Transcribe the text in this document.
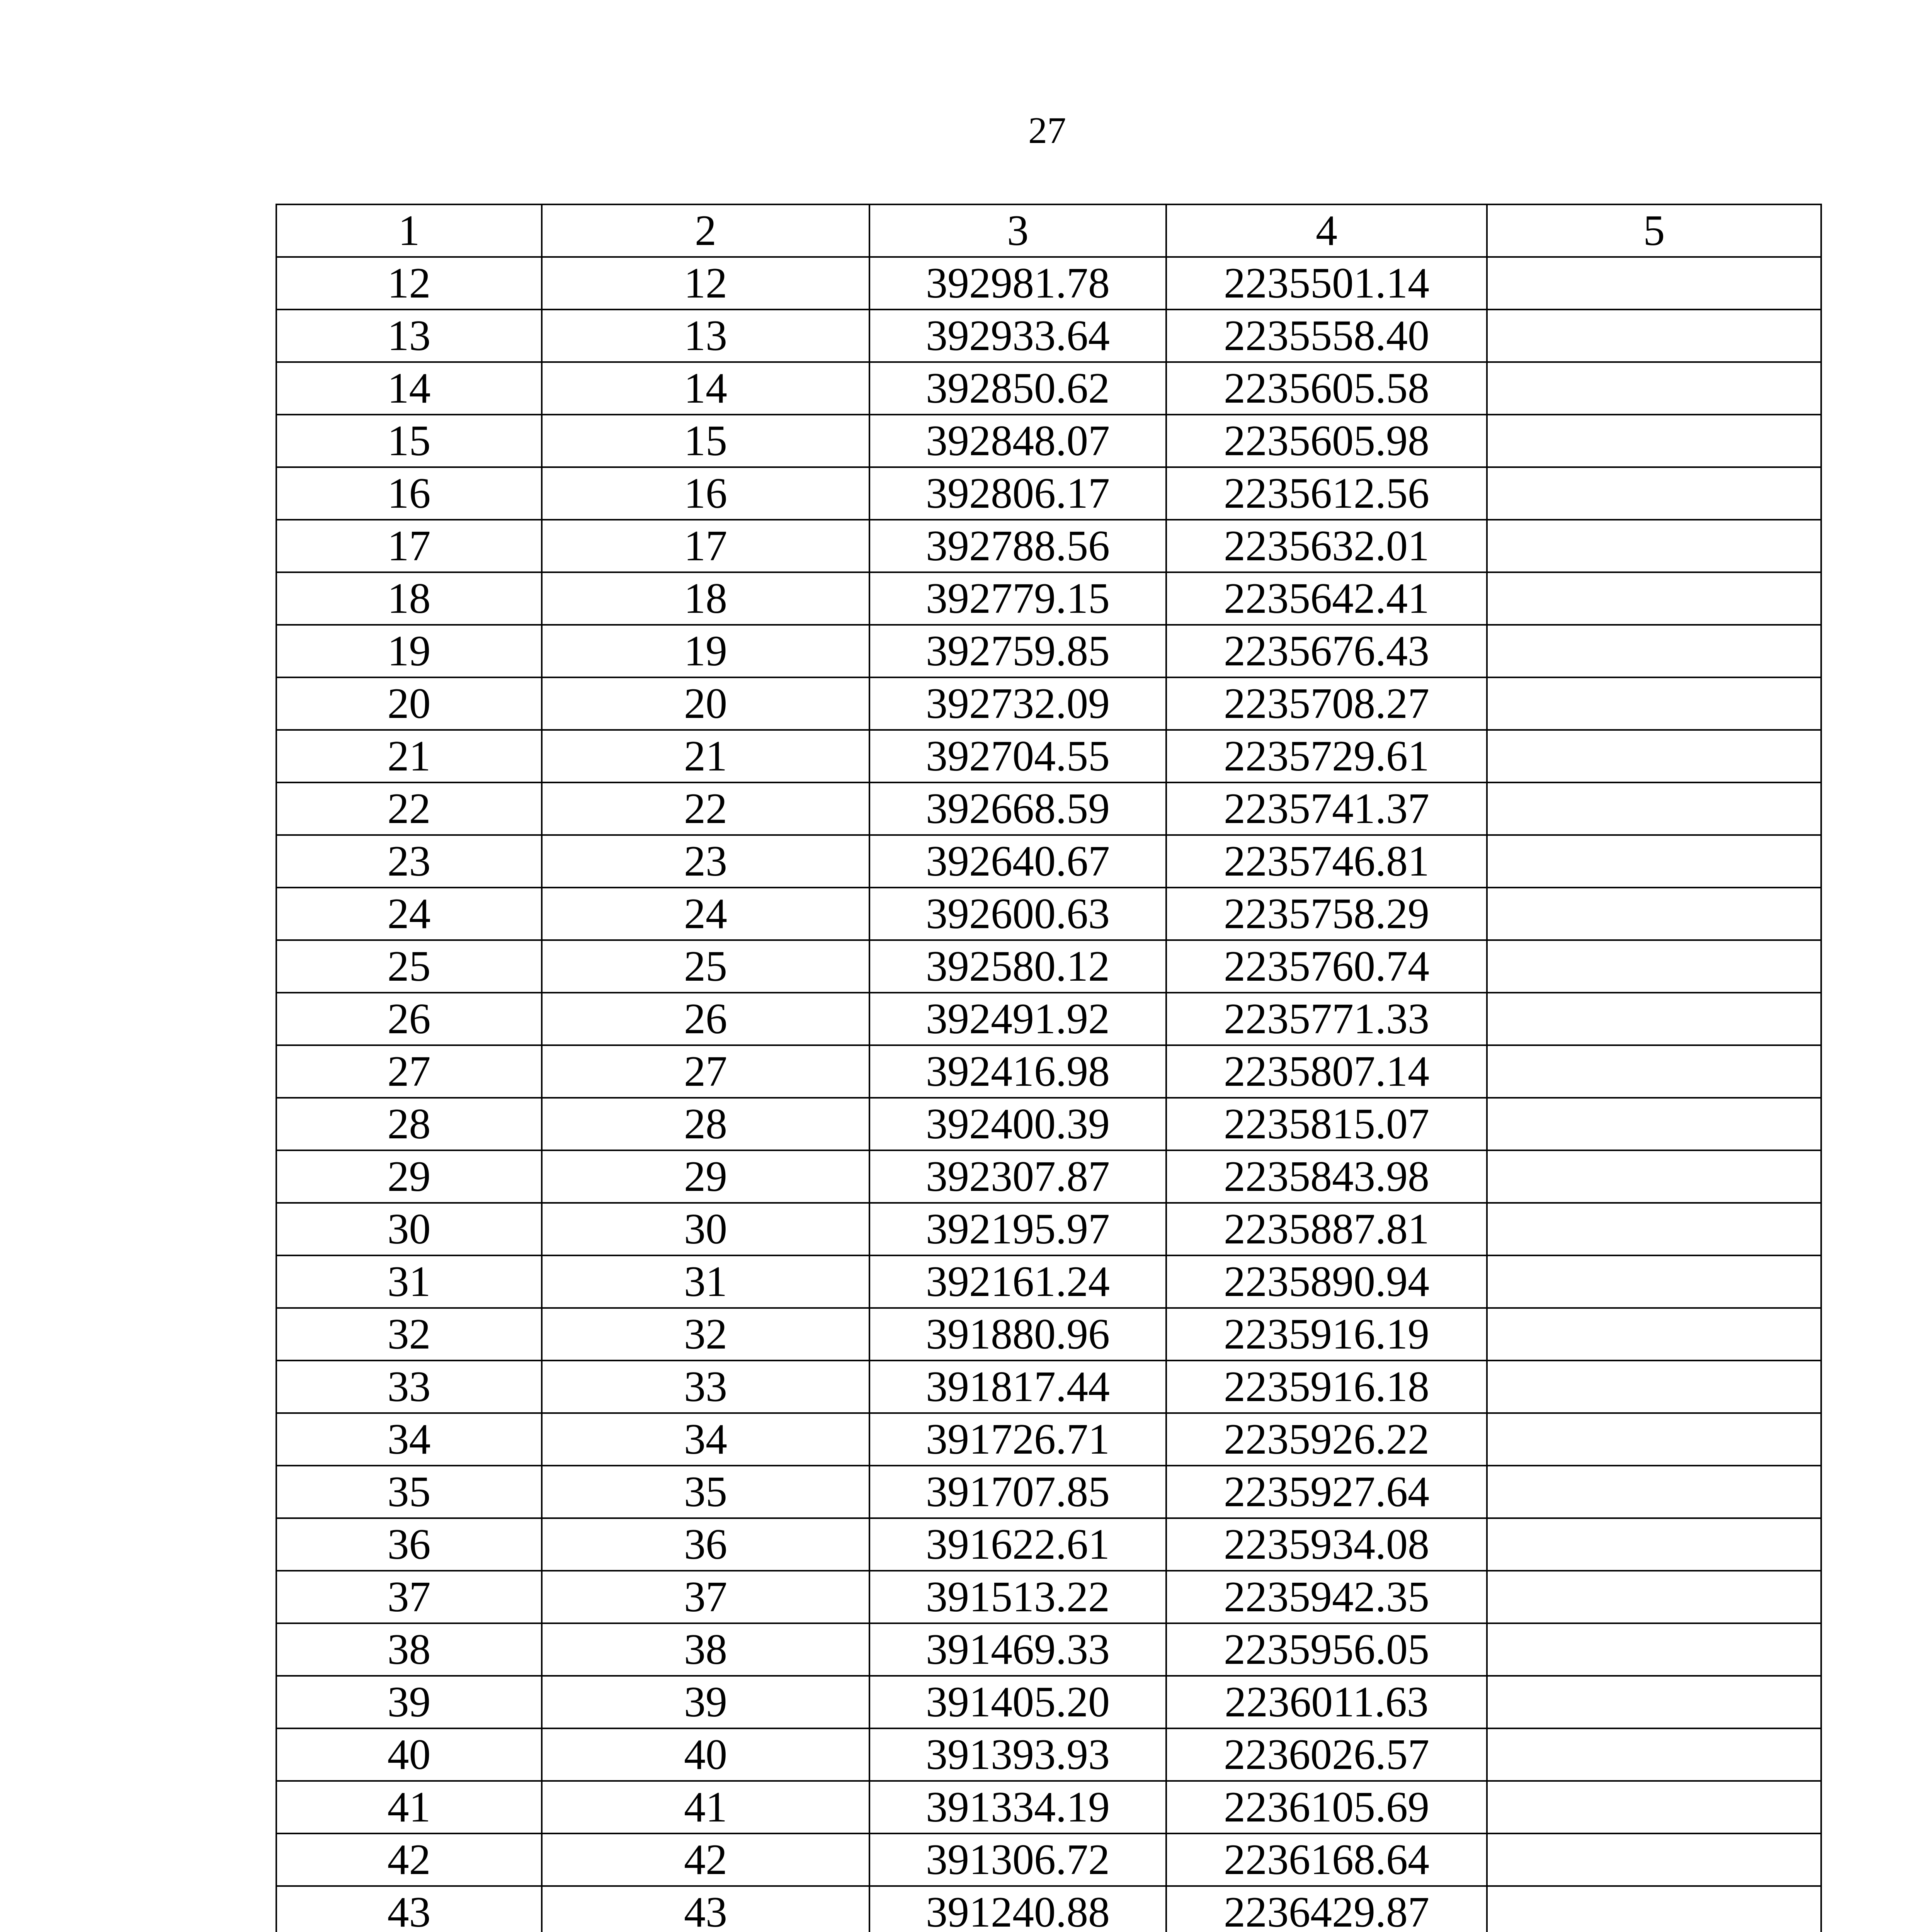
27
1	2	3	4	5
12	12	392981.78	2235501.14	
13	13	392933.64	2235558.40	
14	14	392850.62	2235605.58	
15	15	392848.07	2235605.98	
16	16	392806.17	2235612.56	
17	17	392788.56	2235632.01	
18	18	392779.15	2235642.41	
19	19	392759.85	2235676.43	
20	20	392732.09	2235708.27	
21	21	392704.55	2235729.61	
22	22	392668.59	2235741.37	
23	23	392640.67	2235746.81	
24	24	392600.63	2235758.29	
25	25	392580.12	2235760.74	
26	26	392491.92	2235771.33	
27	27	392416.98	2235807.14	
28	28	392400.39	2235815.07	
29	29	392307.87	2235843.98	
30	30	392195.97	2235887.81	
31	31	392161.24	2235890.94	
32	32	391880.96	2235916.19	
33	33	391817.44	2235916.18	
34	34	391726.71	2235926.22	
35	35	391707.85	2235927.64	
36	36	391622.61	2235934.08	
37	37	391513.22	2235942.35	
38	38	391469.33	2235956.05	
39	39	391405.20	2236011.63	
40	40	391393.93	2236026.57	
41	41	391334.19	2236105.69	
42	42	391306.72	2236168.64	
43	43	391240.88	2236429.87	
